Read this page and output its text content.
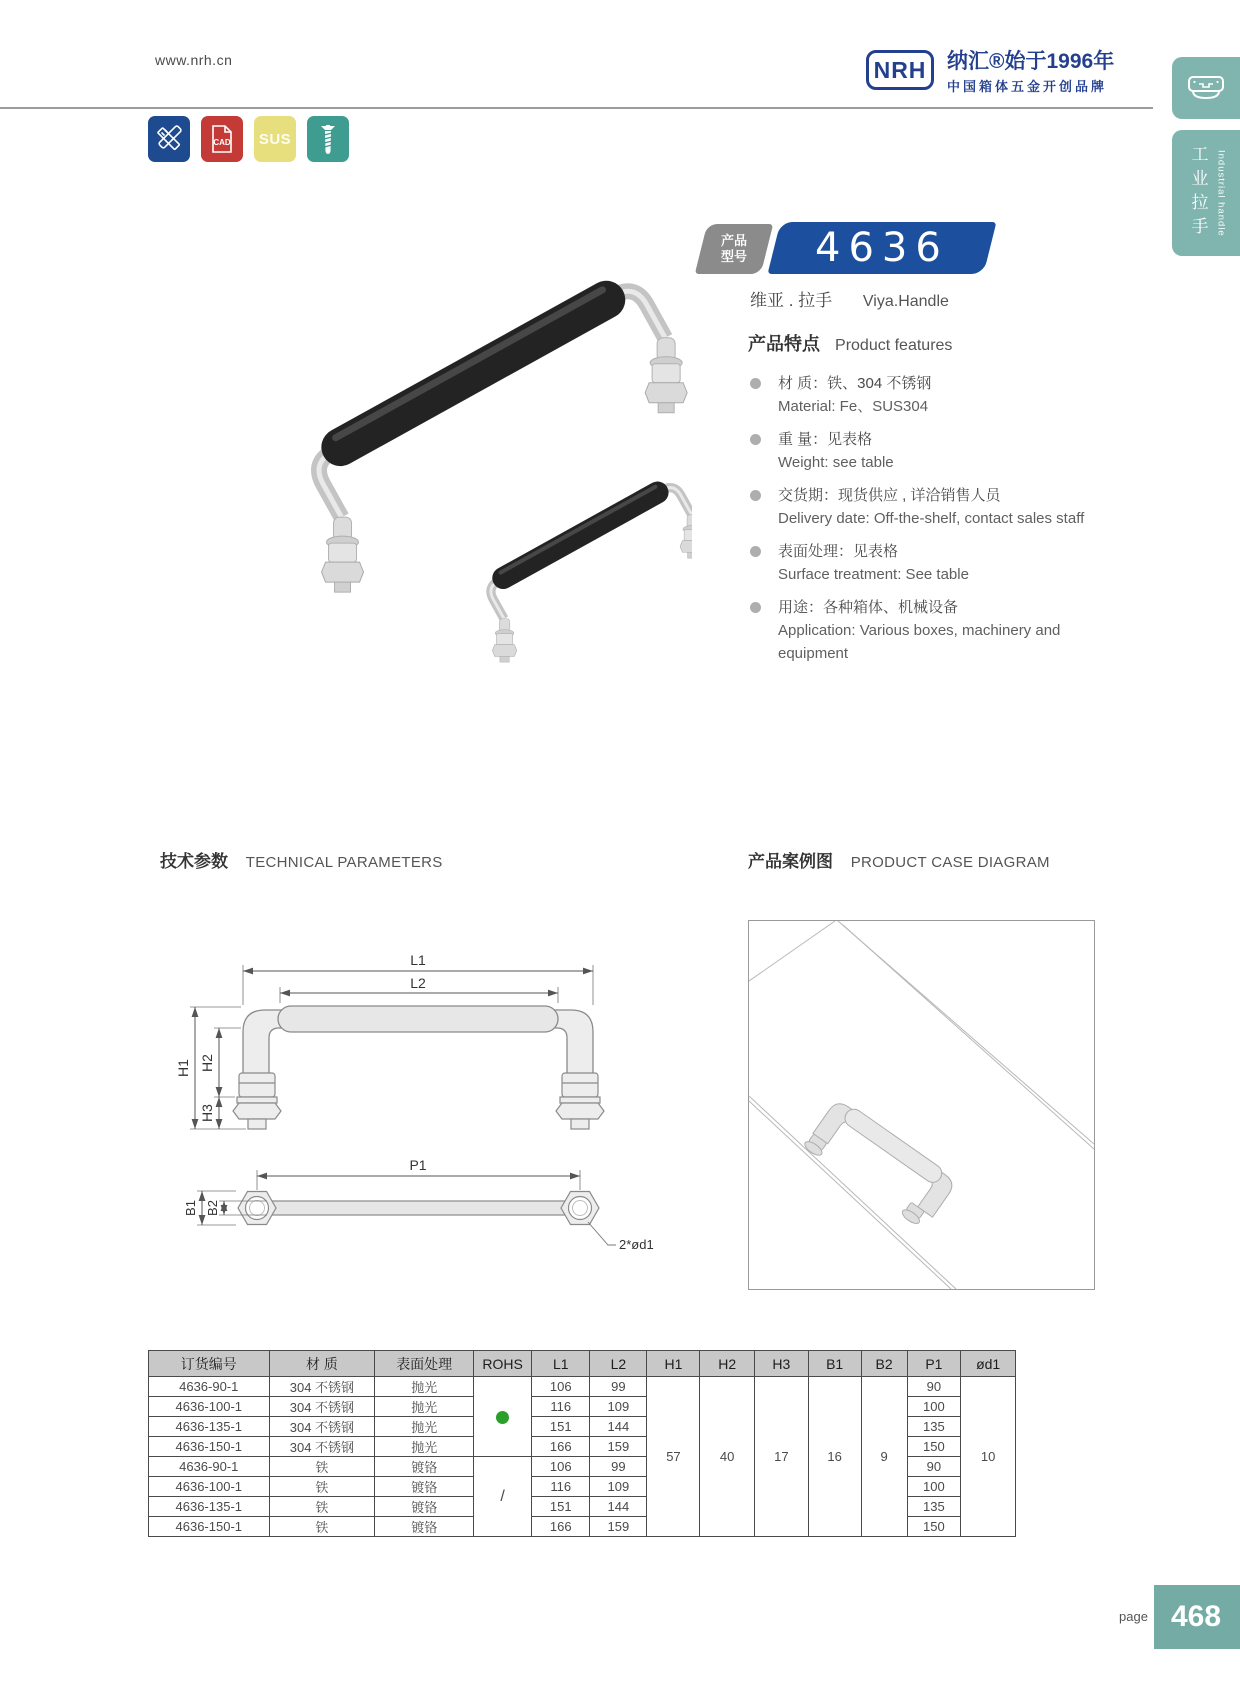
www.nrh.cn
CAD SUS
NRH 纳汇®始于1996年
中国箱体五金开创品牌
工业拉手 Industrial handle
产品
型号 4636
维亚 . 拉手 Viya.Handle
产品特点 Product features
材 质：铁、304 不锈钢
Material: Fe、SUS304
重 量：见表格
Weight: see table
交货期：现货供应 , 详洽销售人员
Delivery date: Off-the-shelf, contact sales staff
表面处理：见表格
Surface treatment: See table
用途：各种箱体、机械设备
Application: Various boxes, machinery and equipment
技术参数 TECHNICAL PARAMETERS	产品案例图 PRODUCT CASE DIAGRAM
L1
L2
H1 H2
H3
P1
B1 B2
2*ød1
订货编号	材 质	表面处理	ROHS	L1	L2	H1	H2	H3	B1	B2	P1	ød1
4636-90-1	304 不锈钢	抛光		106	99	57	40	17	16	9	90	10
4636-100-1	304 不锈钢	抛光		116	109						100	
4636-135-1	304 不锈钢	抛光		151	144						135	
4636-150-1	304 不锈钢	抛光		166	159						150	
4636-90-1	铁	镀铬	/	106	99						90	
4636-100-1	铁	镀铬		116	109						100	
4636-135-1	铁	镀铬		151	144						135	
4636-150-1	铁	镀铬		166	159						150	
page 468
